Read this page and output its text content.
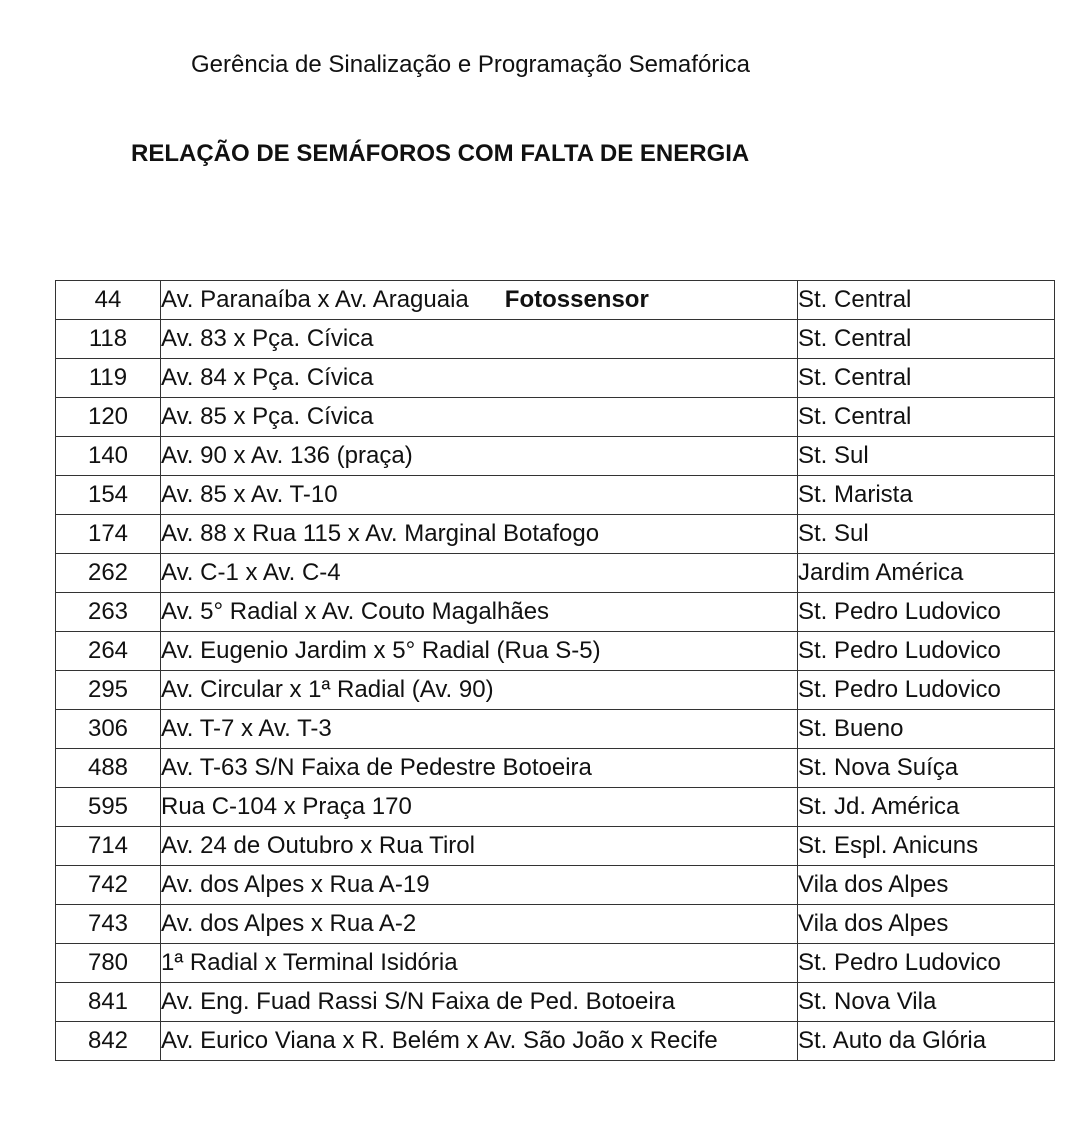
Gerência de Sinalização e Programação Semafórica
RELAÇÃO DE SEMÁFOROS COM FALTA DE ENERGIA
44	Av. Paranaíba x Av. Araguaia Fotossensor	St. Central
118	Av. 83 x Pça. Cívica	St. Central
119	Av. 84 x Pça. Cívica	St. Central
120	Av. 85 x Pça. Cívica	St. Central
140	Av. 90 x Av. 136 (praça)	St. Sul
154	Av. 85 x Av. T-10	St. Marista
174	Av. 88 x Rua 115 x Av. Marginal Botafogo	St. Sul
262	Av. C-1 x Av. C-4	Jardim América
263	Av. 5° Radial x Av. Couto Magalhães	St. Pedro Ludovico
264	Av. Eugenio Jardim x 5° Radial (Rua S-5)	St. Pedro Ludovico
295	Av. Circular x 1ª Radial (Av. 90)	St. Pedro Ludovico
306	Av. T-7 x Av. T-3	St. Bueno
488	Av. T-63 S/N Faixa de Pedestre Botoeira	St. Nova Suíça
595	Rua C-104 x Praça 170	St. Jd. América
714	Av. 24 de Outubro x Rua Tirol	St. Espl. Anicuns
742	Av. dos Alpes x Rua A-19	Vila dos Alpes
743	Av. dos Alpes x Rua A-2	Vila dos Alpes
780	1ª Radial x Terminal Isidória	St. Pedro Ludovico
841	Av. Eng. Fuad Rassi S/N Faixa de Ped. Botoeira	St. Nova Vila
842	Av. Eurico Viana x R. Belém x Av. São João x Recife	St. Auto da Glória
